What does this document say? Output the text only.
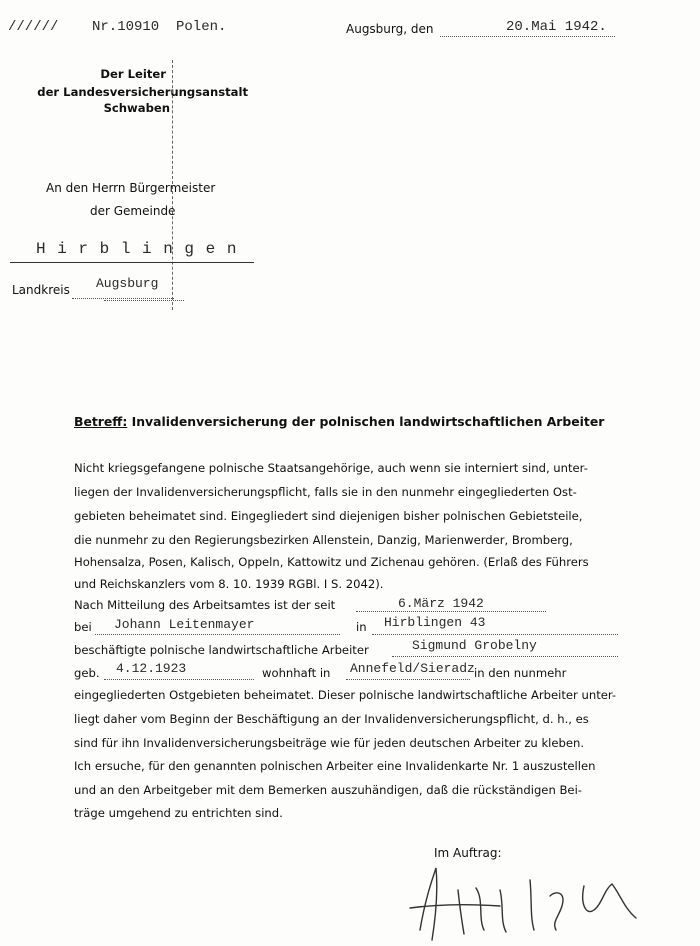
////// Nr.10910 Polen.	Augsburg, den	20.Mai 1942.
Der Leiter
der Landesversicherungsanstalt
Schwaben
An den Herrn Bürgermeister
der Gemeinde
H i r b l i n g e n
Landkreis Augsburg
Betreff: Invalidenversicherung der polnischen landwirtschaftlichen Arbeiter
Nicht kriegsgefangene polnische Staatsangehörige, auch wenn sie interniert sind, unter-
liegen der Invalidenversicherungspflicht, falls sie in den nunmehr eingegliederten Ost-
gebieten beheimatet sind. Eingegliedert sind diejenigen bisher polnischen Gebietsteile,
die nunmehr zu den Regierungsbezirken Allenstein, Danzig, Marienwerder, Bromberg,
Hohensalza, Posen, Kalisch, Oppeln, Kattowitz und Zichenau gehören. (Erlaß des Führers
und Reichskanzlers vom 8. 10. 1939 RGBl. I S. 2042).
Nach Mitteilung des Arbeitsamtes ist der seit	6.März 1942
bei Johann Leitenmayer	in Hirblingen 43
beschäftigte polnische landwirtschaftliche Arbeiter	Sigmund Grobelny
geb. 4.12.1923	wohnhaft in Annefeld/Sieradz in den nunmehr
eingegliederten Ostgebieten beheimatet. Dieser polnische landwirtschaftliche Arbeiter unter-
liegt daher vom Beginn der Beschäftigung an der Invalidenversicherungspflicht, d. h., es
sind für ihn Invalidenversicherungsbeiträge wie für jeden deutschen Arbeiter zu kleben.
Ich ersuche, für den genannten polnischen Arbeiter eine Invalidenkarte Nr. 1 auszustellen
und an den Arbeitgeber mit dem Bemerken auszuhändigen, daß die rückständigen Bei-
träge umgehend zu entrichten sind.
Im Auftrag:
